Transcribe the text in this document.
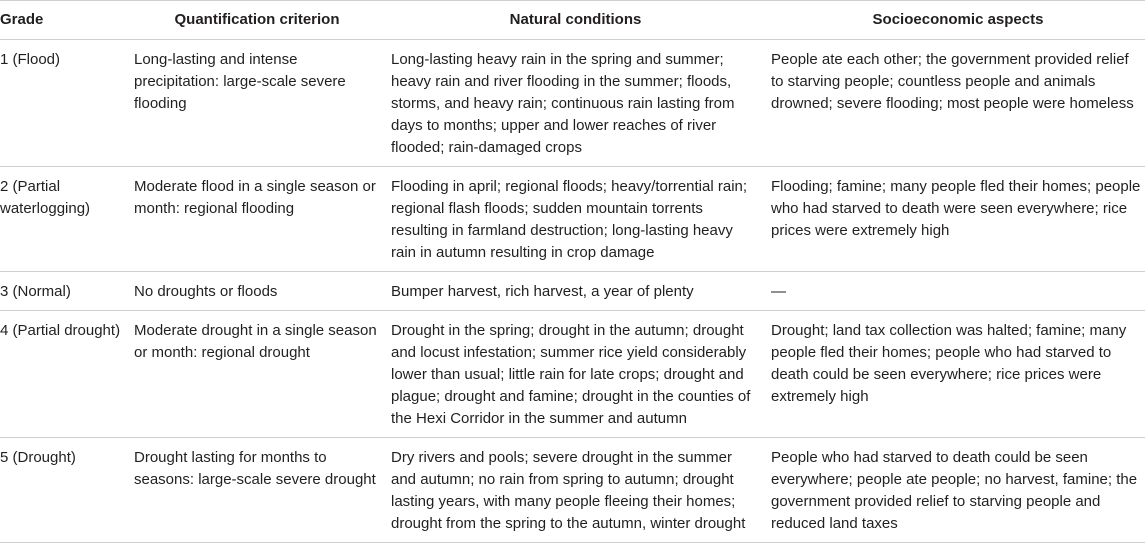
Grade	Quantification criterion	Natural conditions	Socioeconomic aspects
1 (Flood)	Long-lasting and intense precipitation: large-scale severe flooding	Long-lasting heavy rain in the spring and summer; heavy rain and river flooding in the summer; floods, storms, and heavy rain; continuous rain lasting from days to months; upper and lower reaches of river flooded; rain-damaged crops	People ate each other; the government provided relief to starving people; countless people and animals drowned; severe flooding; most people were homeless
2 (Partial waterlogging)	Moderate flood in a single season or month: regional flooding	Flooding in april; regional floods; heavy/torrential rain; regional flash floods; sudden mountain torrents resulting in farmland destruction; long-lasting heavy rain in autumn resulting in crop damage	Flooding; famine; many people fled their homes; people who had starved to death were seen everywhere; rice prices were extremely high
3 (Normal)	No droughts or floods	Bumper harvest, rich harvest, a year of plenty	—
4 (Partial drought)	Moderate drought in a single season or month: regional drought	Drought in the spring; drought in the autumn; drought and locust infestation; summer rice yield considerably lower than usual; little rain for late crops; drought and plague; drought and famine; drought in the counties of the Hexi Corridor in the summer and autumn	Drought; land tax collection was halted; famine; many people fled their homes; people who had starved to death could be seen everywhere; rice prices were extremely high
5 (Drought)	Drought lasting for months to seasons: large-scale severe drought	Dry rivers and pools; severe drought in the summer and autumn; no rain from spring to autumn; drought lasting years, with many people fleeing their homes; drought from the spring to the autumn, winter drought	People who had starved to death could be seen everywhere; people ate people; no harvest, famine; the government provided relief to starving people and reduced land taxes
